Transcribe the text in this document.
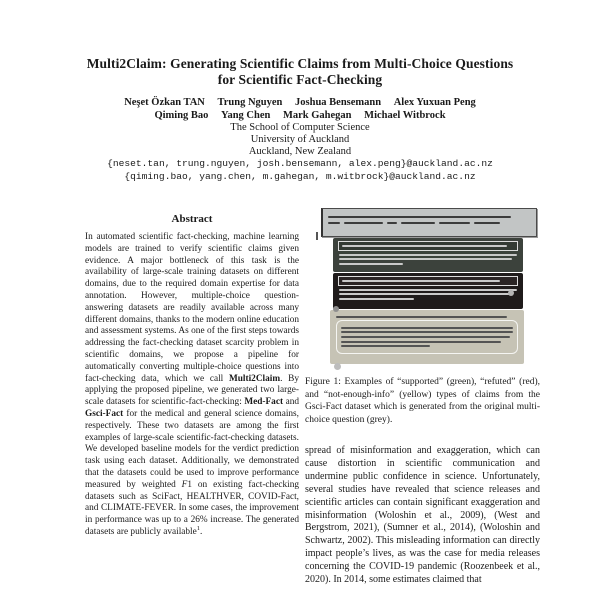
Multi2Claim: Generating Scientific Claims from Multi-Choice Questions
for Scientific Fact-Checking
Neşet Özkan TAN Trung Nguyen Joshua Bensemann Alex Yuxuan Peng
Qiming Bao Yang Chen Mark Gahegan Michael Witbrock
The School of Computer Science
University of Auckland
Auckland, New Zealand
{neset.tan, trung.nguyen, josh.bensemann, alex.peng}@auckland.ac.nz
{qiming.bao, yang.chen, m.gahegan, m.witbrock}@auckland.ac.nz
Abstract
In automated scientific fact-checking, machine learning models are trained to verify scientific claims given evidence. A major bottleneck of this task is the availability of large-scale training datasets on different domains, due to the required domain expertise for data annotation. However, multiple-choice question-answering datasets are readily available across many different domains, thanks to the modern online education and assessment systems. As one of the first steps towards addressing the fact-checking dataset scarcity problem in scientific domains, we propose a pipeline for automatically converting multiple-choice questions into fact-checking data, which we call Multi2Claim. By applying the proposed pipeline, we generated two large-scale datasets for scientific-fact-checking: Med-Fact and Gsci-Fact for the medical and general science domains, respectively. These two datasets are among the first examples of large-scale scientific-fact-checking datasets. We developed baseline models for the verdict prediction task using each dataset. Additionally, we demonstrated that the datasets could be used to improve performance measured by weighted F1 on existing fact-checking datasets such as SciFact, HEALTHVER, COVID-Fact, and CLIMATE-FEVER. In some cases, the improvement in performance was up to a 26% increase. The generated datasets are publicly available$^1$.
Figure 1: Examples of “supported” (green), “refuted” (red), and “not-enough-info” (yellow) types of claims from the Gsci-Fact dataset which is generated from the original multi-choice question (grey).
spread of misinformation and exaggeration, which can cause distortion in scientific communication and undermine public confidence in science. Unfortunately, several studies have revealed that science releases and scientific articles can contain significant exaggeration and misinformation (Woloshin et al., 2009), (West and Bergstrom, 2021), (Sumner et al., 2014), (Woloshin and Schwartz, 2002). This misleading information can directly impact people’s lives, as was the case for media releases concerning the COVID-19 pandemic (Roozenbeek et al., 2020). In 2014, some estimates claimed that
